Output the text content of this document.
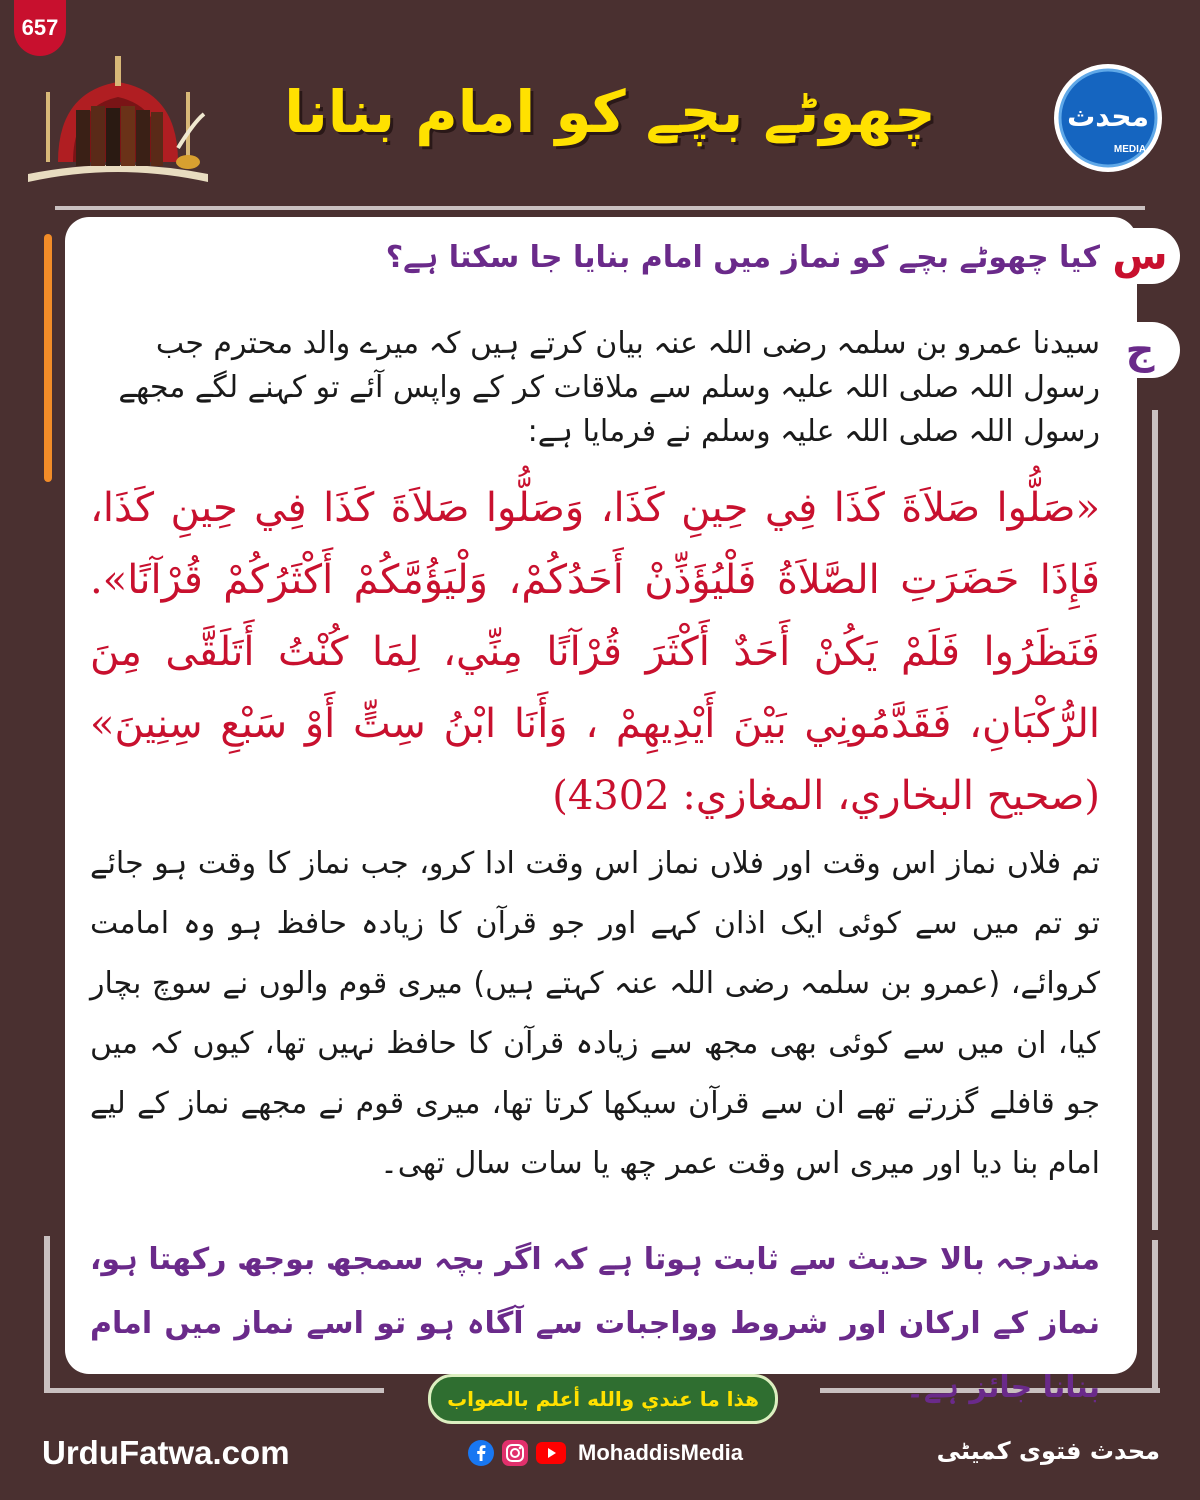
657
چھوٹے بچے کو امام بنانا	محدث
MEDIA
س
ج
کیا چھوٹے بچے کو نماز میں امام بنایا جا سکتا ہے؟
سیدنا عمرو بن سلمہ رضی اللہ عنہ بیان کرتے ہیں کہ میرے والد محترم جب رسول اللہ صلی اللہ علیہ وسلم سے ملاقات کر کے واپس آئے تو کہنے لگے مجھے رسول اللہ صلی اللہ علیہ وسلم نے فرمایا ہے:
«صَلُّوا صَلاَةَ كَذَا فِي حِينِ كَذَا، وَصَلُّوا صَلاَةَ كَذَا فِي حِينِ كَذَا، فَإِذَا حَضَرَتِ الصَّلاَةُ فَلْيُؤَذِّنْ أَحَدُكُمْ، وَلْيَؤُمَّكُمْ أَكْثَرُكُمْ قُرْآنًا». فَنَظَرُوا فَلَمْ يَكُنْ أَحَدٌ أَكْثَرَ قُرْآنًا مِنِّي، لِمَا كُنْتُ أَتَلَقَّى مِنَ الرُّكْبَانِ، فَقَدَّمُونِي بَيْنَ أَيْدِيهِمْ ، وَأَنَا ابْنُ سِتٍّ أَوْ سَبْعِ سِنِينَ» (صحيح البخاري، المغازي: 4302)
تم فلاں نماز اس وقت اور فلاں نماز اس وقت ادا کرو، جب نماز کا وقت ہو جائے تو تم میں سے کوئی ایک اذان کہے اور جو قرآن کا زیادہ حافظ ہو وہ امامت کروائے، (عمرو بن سلمہ رضی اللہ عنہ کہتے ہیں) میری قوم والوں نے سوچ بچار کیا، ان میں سے کوئی بھی مجھ سے زیادہ قرآن کا حافظ نہیں تھا، کیوں کہ میں جو قافلے گزرتے تھے ان سے قرآن سیکھا کرتا تھا، میری قوم نے مجھے نماز کے لیے امام بنا دیا اور میری اس وقت عمر چھ یا سات سال تھی۔
مندرجہ بالا حدیث سے ثابت ہوتا ہے کہ اگر بچہ سمجھ بوجھ رکھتا ہو، نماز کے ارکان اور شروط وواجبات سے آگاہ ہو تو اسے نماز میں امام بنانا جائز ہے۔
هذا ما عندي والله أعلم بالصواب
UrduFatwa.com	MohaddisMedia	محدث فتوی کمیٹی
